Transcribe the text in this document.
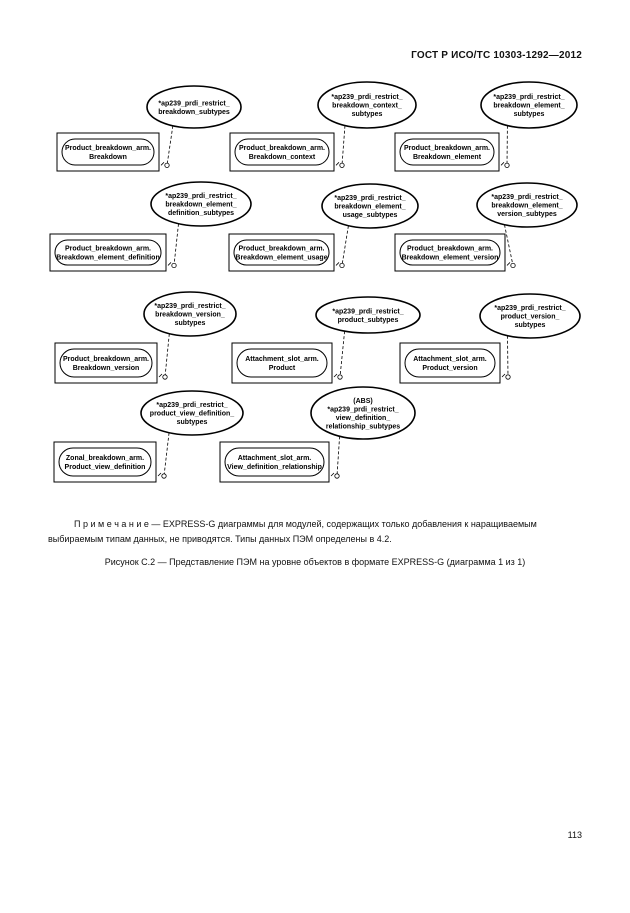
ГОСТ Р ИСО/ТС 10303-1292—2012
Product_breakdown_arm.
Breakdown
Product_breakdown_arm.
Breakdown_context
Product_breakdown_arm.
Breakdown_element
Product_breakdown_arm.
Breakdown_element_definition
Product_breakdown_arm.
Breakdown_element_usage
Product_breakdown_arm.
Breakdown_element_version
Product_breakdown_arm.
Breakdown_version
Attachment_slot_arm.
Product
Attachment_slot_arm.
Product_version
Zonal_breakdown_arm.
Product_view_definition
Attachment_slot_arm.
View_definition_relationship
*ap239_prdi_restrict_
breakdown_subtypes
*ap239_prdi_restrict_
breakdown_context_
subtypes
*ap239_prdi_restrict_
breakdown_element_
subtypes
*ap239_prdi_restrict_
breakdown_element_
definition_subtypes
*ap239_prdi_restrict_
breakdown_element_
usage_subtypes
*ap239_prdi_restrict_
breakdown_element_
version_subtypes
*ap239_prdi_restrict_
breakdown_version_
subtypes
*ap239_prdi_restrict_
product_subtypes
*ap239_prdi_restrict_
product_version_
subtypes
*ap239_prdi_restrict_
product_view_definition_
subtypes
(ABS)
*ap239_prdi_restrict_
view_definition_
relationship_subtypes
П р и м е ч а н и е — EXPRESS-G диаграммы для модулей, содержащих только добавления к наращиваемым выбираемым типам данных, не приводятся. Типы данных ПЭМ определены в 4.2.
Рисунок С.2 — Представление ПЭМ на уровне объектов в формате EXPRESS-G (диаграмма 1 из 1)
113
